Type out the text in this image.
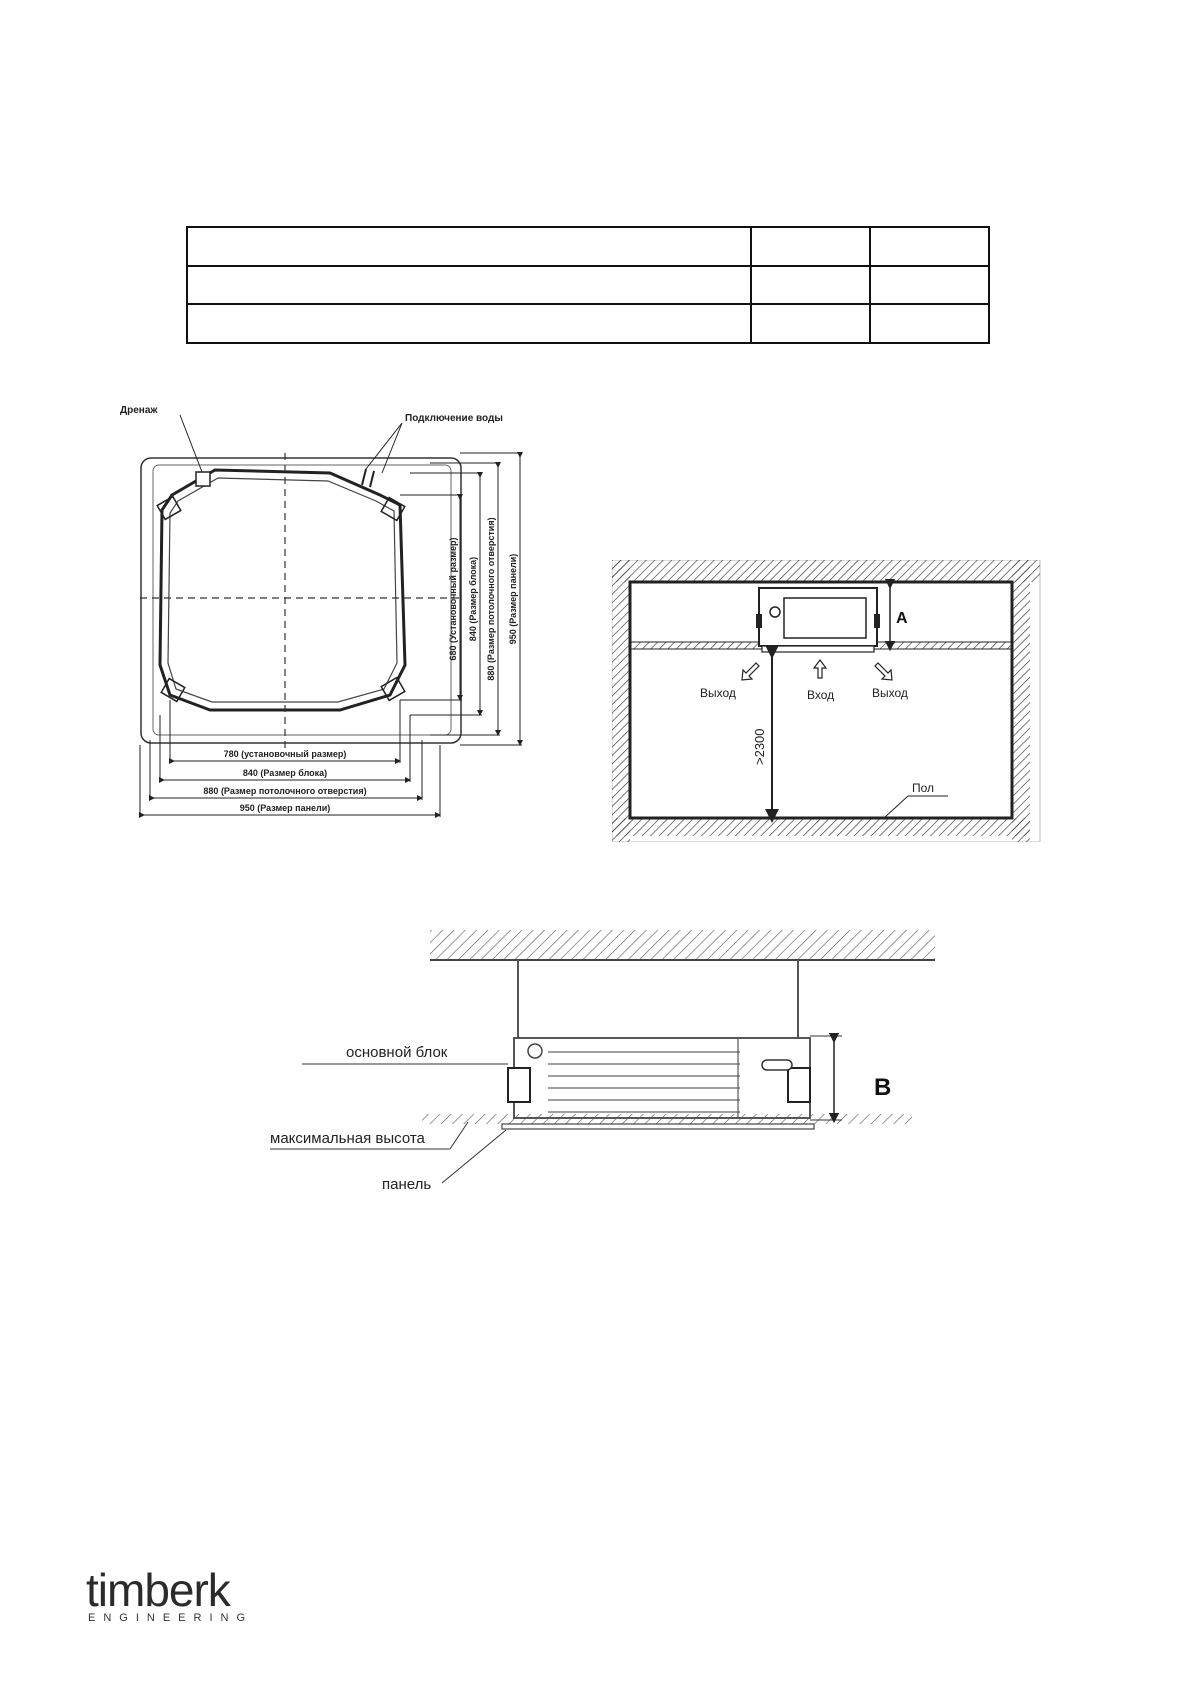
Дренаж
Подключение воды
780 (установочный размер)
840 (Размер блока)
880 (Размер потолочного отверстия)
950 (Размер панели)
680 (Установочный размер) 840 (Размер блока) 880 (Размер потолочного отверстия) 950 (Размер панели)	A
Выход	Вход	Выход
>2300
Пол
B
основной блок
максимальная высота
панель
timberk
ENGINEERING
